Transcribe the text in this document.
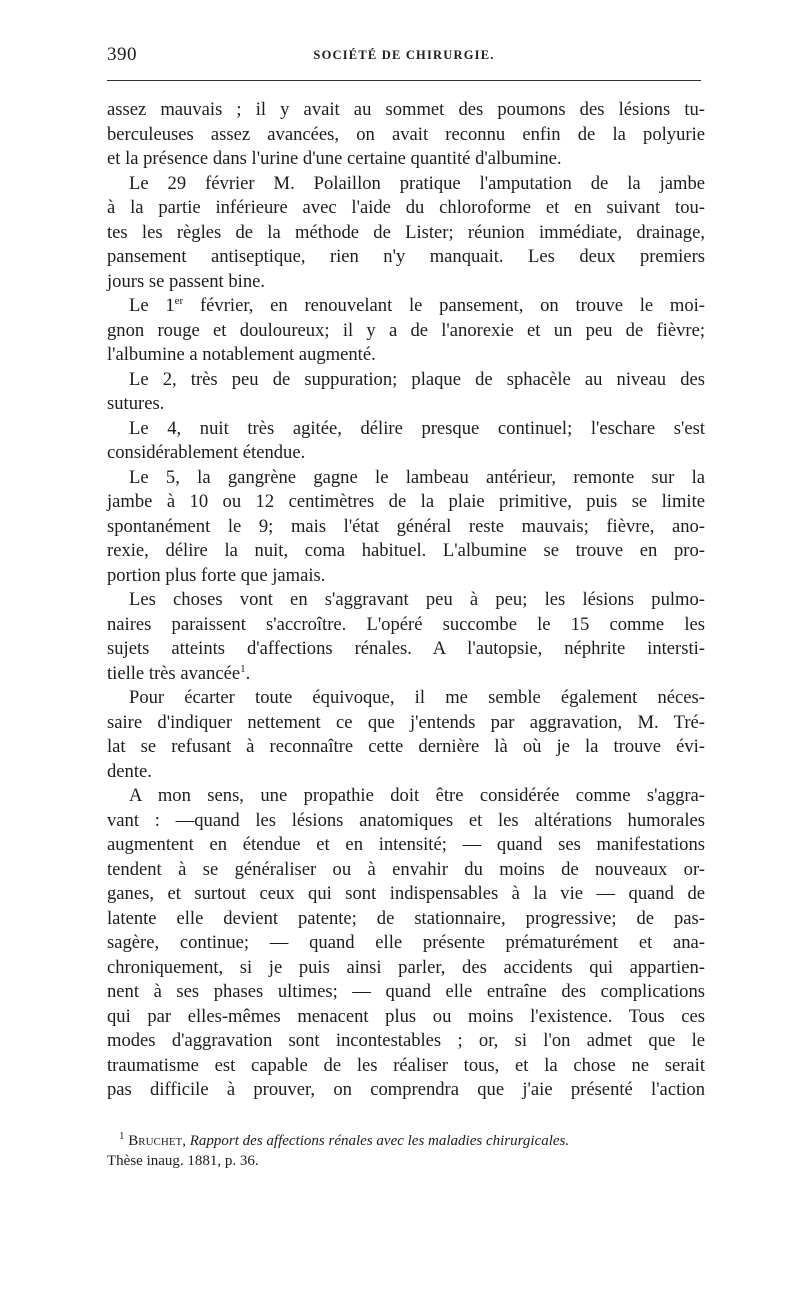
390	SOCIÉTÉ DE CHIRURGIE.
assez mauvais ; il y avait au sommet des poumons des lésions tu-
berculeuses assez avancées, on avait reconnu enfin de la polyurie
et la présence dans l'urine d'une certaine quantité d'albumine.
Le 29 février M. Polaillon pratique l'amputation de la jambe
à la partie inférieure avec l'aide du chloroforme et en suivant tou-
tes les règles de la méthode de Lister; réunion immédiate, drainage,
pansement antiseptique, rien n'y manquait. Les deux premiers
jours se passent bine.
Le 1er février, en renouvelant le pansement, on trouve le moi-
gnon rouge et douloureux; il y a de l'anorexie et un peu de fièvre;
l'albumine a notablement augmenté.
Le 2, très peu de suppuration; plaque de sphacèle au niveau des
sutures.
Le 4, nuit très agitée, délire presque continuel; l'eschare s'est
considérablement étendue.
Le 5, la gangrène gagne le lambeau antérieur, remonte sur la
jambe à 10 ou 12 centimètres de la plaie primitive, puis se limite
spontanément le 9; mais l'état général reste mauvais; fièvre, ano-
rexie, délire la nuit, coma habituel. L'albumine se trouve en pro-
portion plus forte que jamais.
Les choses vont en s'aggravant peu à peu; les lésions pulmo-
naires paraissent s'accroître. L'opéré succombe le 15 comme les
sujets atteints d'affections rénales. A l'autopsie, néphrite intersti-
tielle très avancée$^1$.
Pour écarter toute équivoque, il me semble également néces-
saire d'indiquer nettement ce que j'entends par aggravation, M. Tré-
lat se refusant à reconnaître cette dernière là où je la trouve évi-
dente.
A mon sens, une propathie doit être considérée comme s'aggra-
vant : —quand les lésions anatomiques et les altérations humorales
augmentent en étendue et en intensité; — quand ses manifestations
tendent à se généraliser ou à envahir du moins de nouveaux or-
ganes, et surtout ceux qui sont indispensables à la vie — quand de
latente elle devient patente; de stationnaire, progressive; de pas-
sagère, continue; — quand elle présente prématurément et ana-
chroniquement, si je puis ainsi parler, des accidents qui appartien-
nent à ses phases ultimes; — quand elle entraîne des complications
qui par elles-mêmes menacent plus ou moins l'existence. Tous ces
modes d'aggravation sont incontestables ; or, si l'on admet que le
traumatisme est capable de les réaliser tous, et la chose ne serait
pas difficile à prouver, on comprendra que j'aie présenté l'action
$^1$ Bruchet, Rapport des affections rénales avec les maladies chirurgicales.
Thèse inaug. 1881, p. 36.
